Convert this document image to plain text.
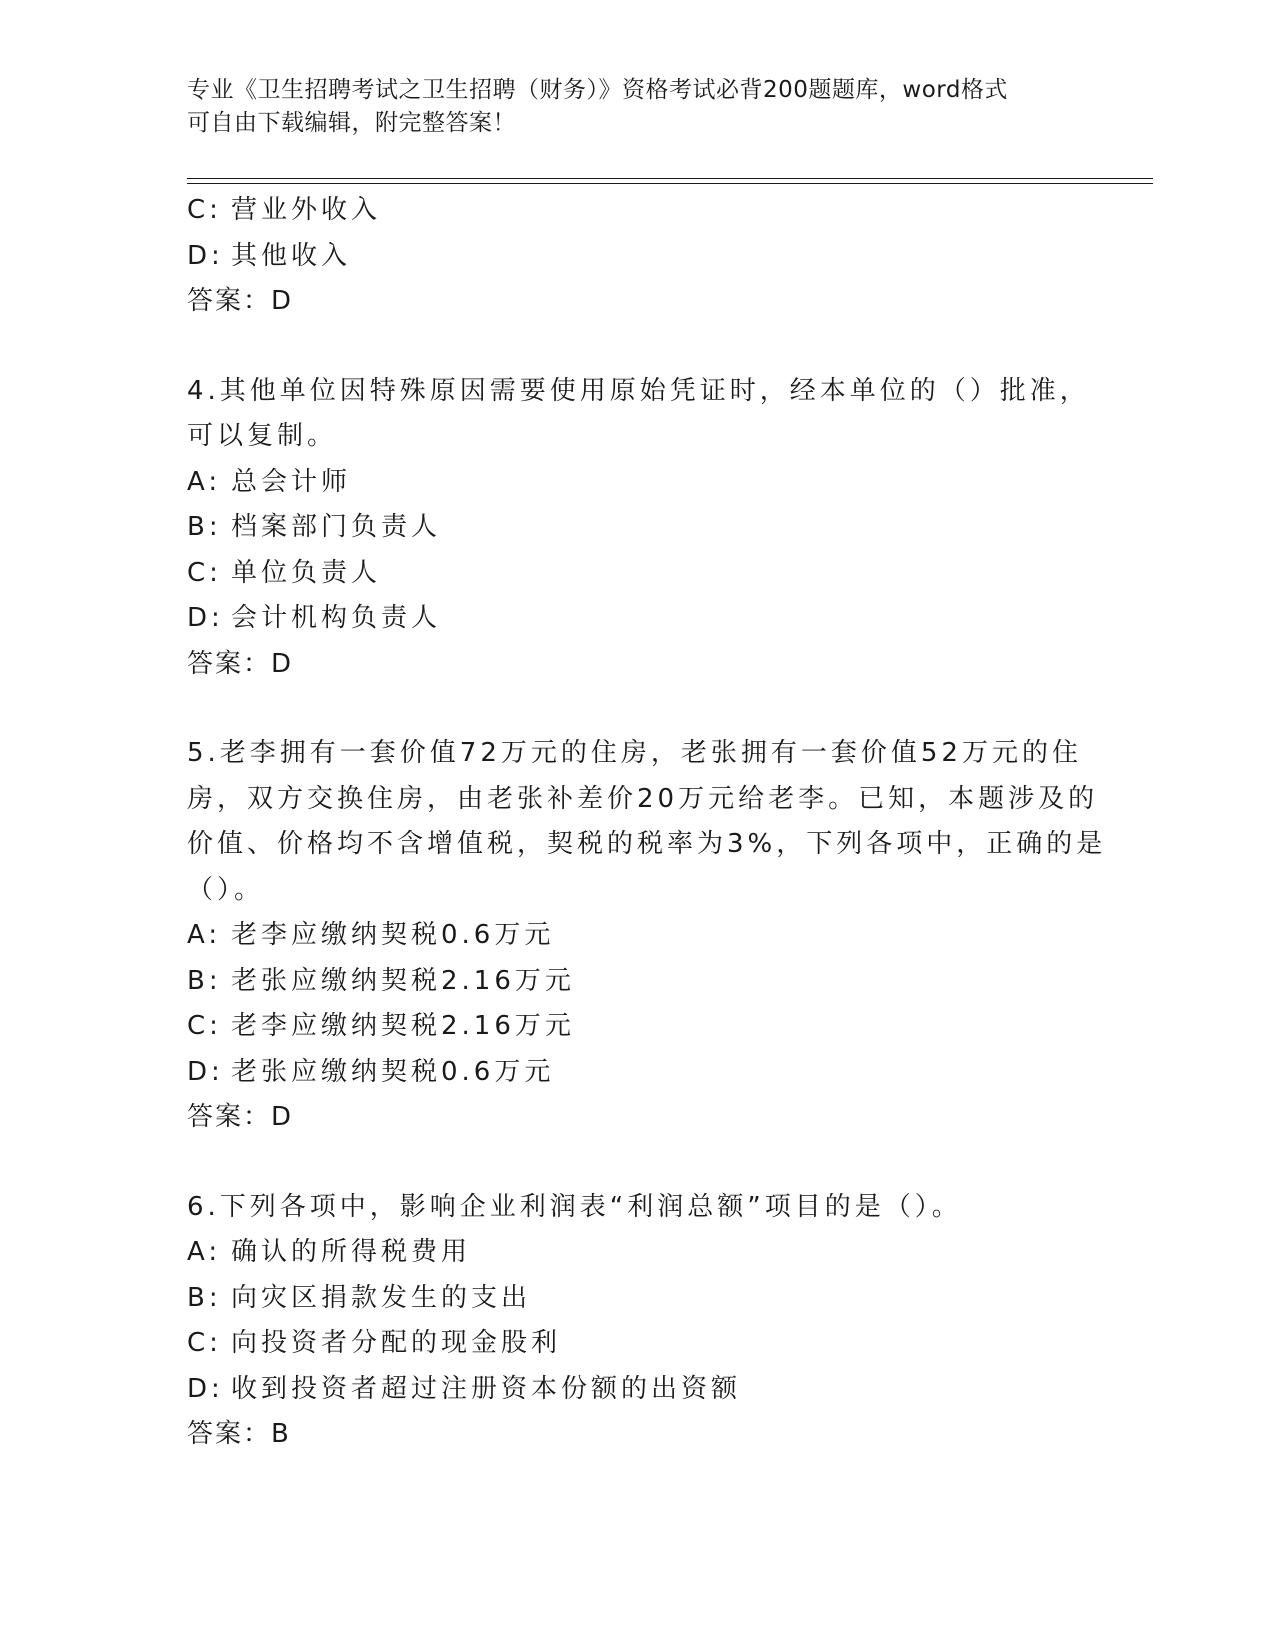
专业《卫生招聘考试之卫生招聘（财务）》资格考试必背200题题库，word格式
可自由下载编辑，附完整答案！
C: 营业外收入
D: 其他收入
答案：D
4.其他单位因特殊原因需要使用原始凭证时，经本单位的（）批准，
可以复制。
A: 总会计师
B: 档案部门负责人
C: 单位负责人
D: 会计机构负责人
答案：D
5.老李拥有一套价值72万元的住房，老张拥有一套价值52万元的住
房，双方交换住房，由老张补差价20万元给老李。已知，本题涉及的
价值、价格均不含增值税，契税的税率为3%，下列各项中，正确的是
（）。
A: 老李应缴纳契税0.6万元
B: 老张应缴纳契税2.16万元
C: 老李应缴纳契税2.16万元
D: 老张应缴纳契税0.6万元
答案：D
6.下列各项中，影响企业利润表“利润总额”项目的是（）。
A: 确认的所得税费用
B: 向灾区捐款发生的支出
C: 向投资者分配的现金股利
D: 收到投资者超过注册资本份额的出资额
答案：B
